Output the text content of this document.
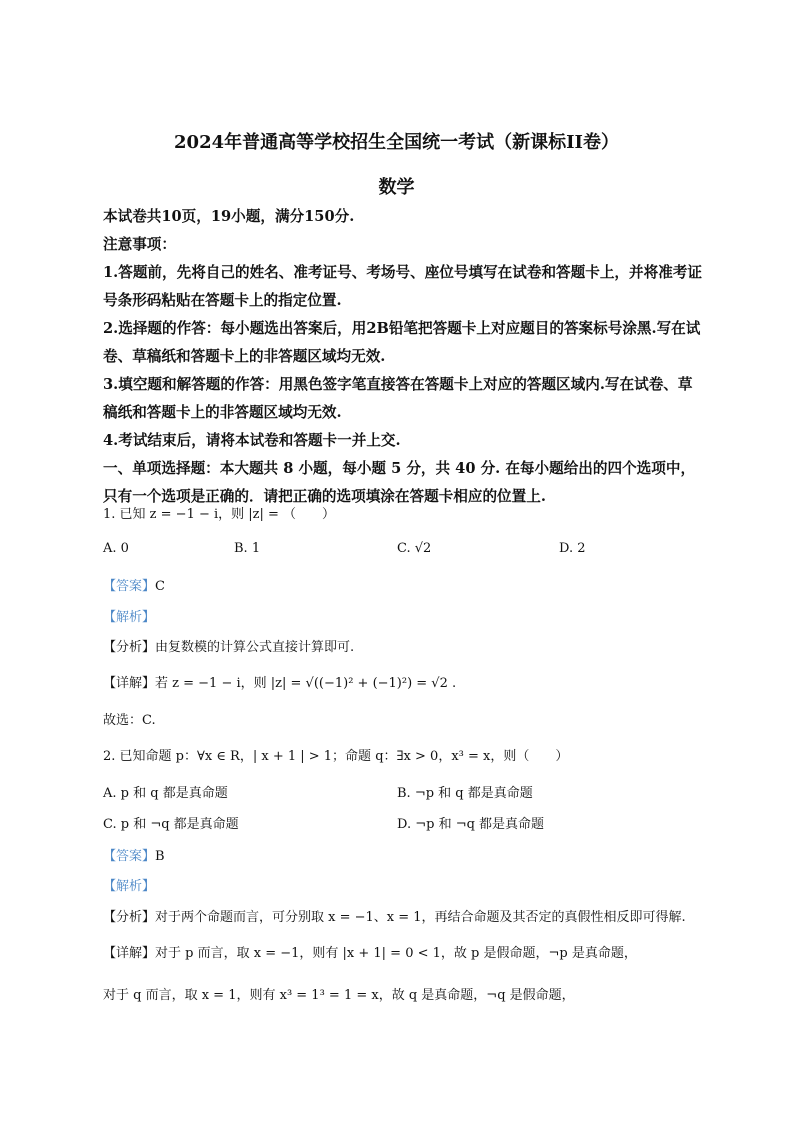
2024年普通高等学校招生全国统一考试（新课标II卷）
数学
本试卷共10页，19小题，满分150分.
注意事项：
1.答题前，先将自己的姓名、准考证号、考场号、座位号填写在试卷和答题卡上，并将准考证
号条形码粘贴在答题卡上的指定位置.
2.选择题的作答：每小题选出答案后，用2B铅笔把答题卡上对应题目的答案标号涂黑.写在试
卷、草稿纸和答题卡上的非答题区域均无效.
3.填空题和解答题的作答：用黑色签字笔直接答在答题卡上对应的答题区域内.写在试卷、草
稿纸和答题卡上的非答题区域均无效.
4.考试结束后，请将本试卷和答题卡一并上交.
一、单项选择题：本大题共 8 小题，每小题 5 分，共 40 分. 在每小题给出的四个选项中，
只有一个选项是正确的．请把正确的选项填涂在答题卡相应的位置上.
1. 已知 z = −1 − i，则 |z| = （　　）
A. 0	B. 1	C. √2	D. 2
【答案】C
【解析】
【分析】由复数模的计算公式直接计算即可.
【详解】若 z = −1 − i，则 |z| = √((−1)² + (−1)²) = √2 .
故选：C.
2. 已知命题 p：∀x ∈ R，| x + 1 | > 1；命题 q：∃x > 0，x³ = x，则（　　）
A. p 和 q 都是真命题	B. ¬p 和 q 都是真命题
C. p 和 ¬q 都是真命题	D. ¬p 和 ¬q 都是真命题
【答案】B
【解析】
【分析】对于两个命题而言，可分别取 x = −1、x = 1，再结合命题及其否定的真假性相反即可得解.
【详解】对于 p 而言，取 x = −1，则有 |x + 1| = 0 < 1，故 p 是假命题，¬p 是真命题，
对于 q 而言，取 x = 1，则有 x³ = 1³ = 1 = x，故 q 是真命题，¬q 是假命题，
